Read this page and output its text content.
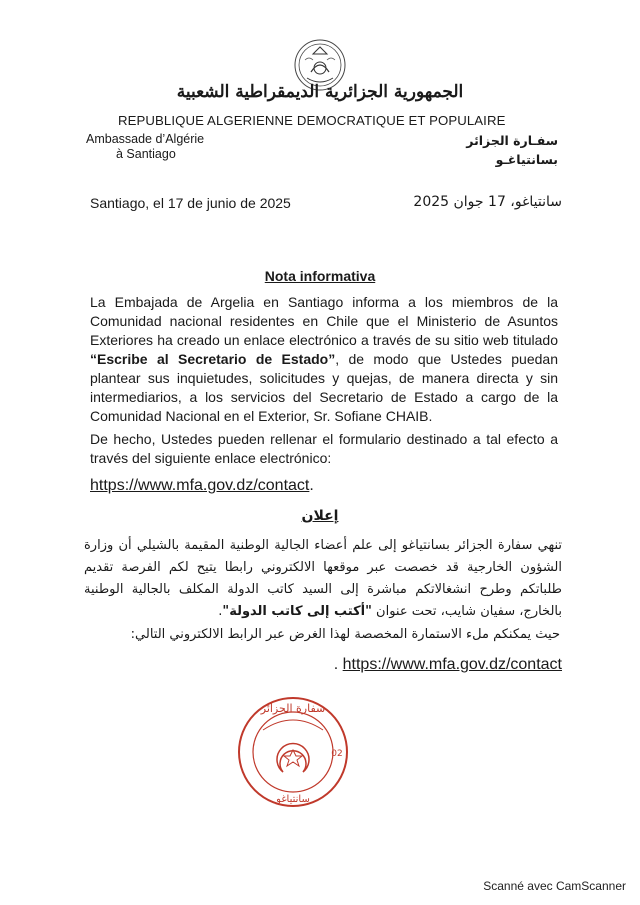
الجمهورية الجزائرية الديمقراطية الشعبية
REPUBLIQUE ALGERIENNE DEMOCRATIQUE ET POPULAIRE
Ambassade d’Algérie
à Santiago
سفـارة الجزائر
بسانتياغـو
Santiago, el 17 de junio de 2025	سانتياغو، 17 جوان 2025
Nota informativa
La Embajada de Argelia en Santiago informa a los miembros de la Comunidad nacional residentes en Chile que el Ministerio de Asuntos Exteriores ha creado un enlace electrónico a través de su sitio web titulado “Escribe al Secretario de Estado”, de modo que Ustedes puedan plantear sus inquietudes, solicitudes y quejas, de manera directa y sin intermediarios, a los servicios del Secretario de Estado a cargo de la Comunidad Nacional en el Exterior, Sr. Sofiane CHAIB.
De hecho, Ustedes pueden rellenar el formulario destinado a tal efecto a través del siguiente enlace electrónico:
https://www.mfa.gov.dz/contact.
إعلان
تنهي سفارة الجزائر بسانتياغو إلى علم أعضاء الجالية الوطنية المقيمة بالشيلي أن وزارة الشؤون الخارجية قد خصصت عبر موقعها الالكتروني رابطا يتيح لكم الفرصة تقديم طلباتكم وطرح انشغالاتكم مباشرة إلى السيد كاتب الدولة المكلف بالجالية الوطنية بالخارج، سفيان شايب، تحت عنوان "أكتب إلى كاتب الدولة".
حيث يمكنكم ملء الاستمارة المخصصة لهذا الغرض عبر الرابط الالكتروني التالي:
. https://www.mfa.gov.dz/contact
سفارة الجزائر
سانتياغو
02
Scanné avec CamScanner
